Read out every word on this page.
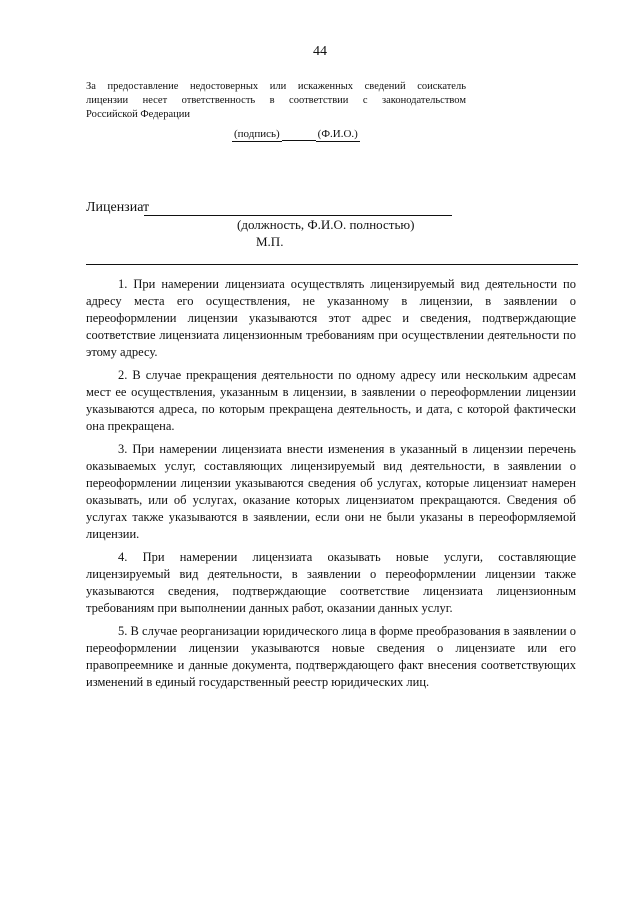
44
За предоставление недостоверных или искаженных сведений соискатель
лицензии несет ответственность в соответствии с законодательством
Российской Федерации
(подпись)	(Ф.И.О.)
Лицензиат
(должность, Ф.И.О. полностью)
М.П.

1. При намерении лицензиата осуществлять лицензируемый вид деятельности по адресу места его осуществления, не указанному в лицензии, в заявлении о переоформлении лицензии указываются этот адрес и сведения, подтверждающие соответствие лицензиата лицензионным требованиям при осуществлении деятельности по этому адресу.

2. В случае прекращения деятельности по одному адресу или нескольким адресам мест ее осуществления, указанным в лицензии, в заявлении о переоформлении лицензии указываются адреса, по которым прекращена деятельность, и дата, с которой фактически она прекращена.

3. При намерении лицензиата внести изменения в указанный в лицензии перечень оказываемых услуг, составляющих лицензируемый вид деятельности, в заявлении о переоформлении лицензии указываются сведения об услугах, которые лицензиат намерен оказывать, или об услугах, оказание которых лицензиатом прекращаются. Сведения об услугах также указываются в заявлении, если они не были указаны в переоформляемой лицензии.

4. При намерении лицензиата оказывать новые услуги, составляющие лицензируемый вид деятельности, в заявлении о переоформлении лицензии также указываются сведения, подтверждающие соответствие лицензиата лицензионным требованиям при выполнении данных работ, оказании данных услуг.

5. В случае реорганизации юридического лица в форме преобразования в заявлении о переоформлении лицензии указываются новые сведения о лицензиате или его правопреемнике и данные документа, подтверждающего факт внесения соответствующих изменений в единый государственный реестр юридических лиц.
